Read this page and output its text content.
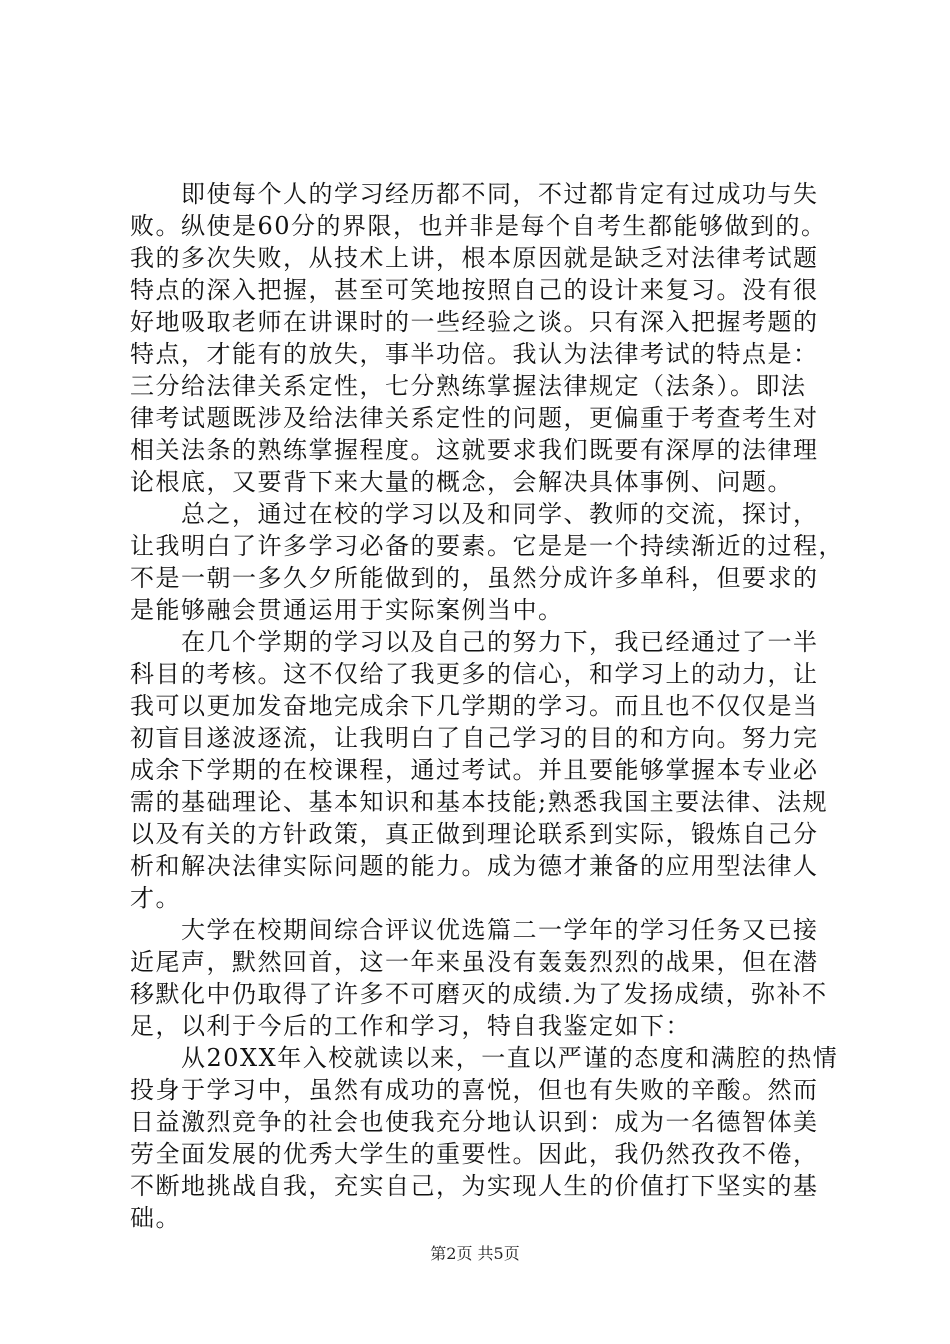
　　即使每个人的学习经历都不同，不过都肯定有过成功与失
败。纵使是60分的界限，也并非是每个自考生都能够做到的。
我的多次失败，从技术上讲，根本原因就是缺乏对法律考试题
特点的深入把握，甚至可笑地按照自己的设计来复习。没有很
好地吸取老师在讲课时的一些经验之谈。只有深入把握考题的
特点，才能有的放失，事半功倍。我认为法律考试的特点是：
三分给法律关系定性，七分熟练掌握法律规定（法条）。即法
律考试题既涉及给法律关系定性的问题，更偏重于考查考生对
相关法条的熟练掌握程度。这就要求我们既要有深厚的法律理
论根底，又要背下来大量的概念，会解决具体事例、问题。
　　总之，通过在校的学习以及和同学、教师的交流，探讨，
让我明白了许多学习必备的要素。它是是一个持续渐近的过程，
不是一朝一多久夕所能做到的，虽然分成许多单科，但要求的
是能够融会贯通运用于实际案例当中。
　　在几个学期的学习以及自己的努力下，我已经通过了一半
科目的考核。这不仅给了我更多的信心，和学习上的动力，让
我可以更加发奋地完成余下几学期的学习。而且也不仅仅是当
初盲目遂波逐流，让我明白了自己学习的目的和方向。努力完
成余下学期的在校课程，通过考试。并且要能够掌握本专业必
需的基础理论、基本知识和基本技能;熟悉我国主要法律、法规
以及有关的方针政策，真正做到理论联系到实际，锻炼自己分
析和解决法律实际问题的能力。成为德才兼备的应用型法律人
才。
　　大学在校期间综合评议优选篇二一学年的学习任务又已接
近尾声，默然回首，这一年来虽没有轰轰烈烈的战果，但在潜
移默化中仍取得了许多不可磨灭的成绩.为了发扬成绩，弥补不
足，以利于今后的工作和学习，特自我鉴定如下：
　　从20XX年入校就读以来，一直以严谨的态度和满腔的热情
投身于学习中，虽然有成功的喜悦，但也有失败的辛酸。然而
日益激烈竞争的社会也使我充分地认识到：成为一名德智体美
劳全面发展的优秀大学生的重要性。因此，我仍然孜孜不倦，
不断地挑战自我，充实自己，为实现人生的价值打下坚实的基
础。
第2页 共5页
